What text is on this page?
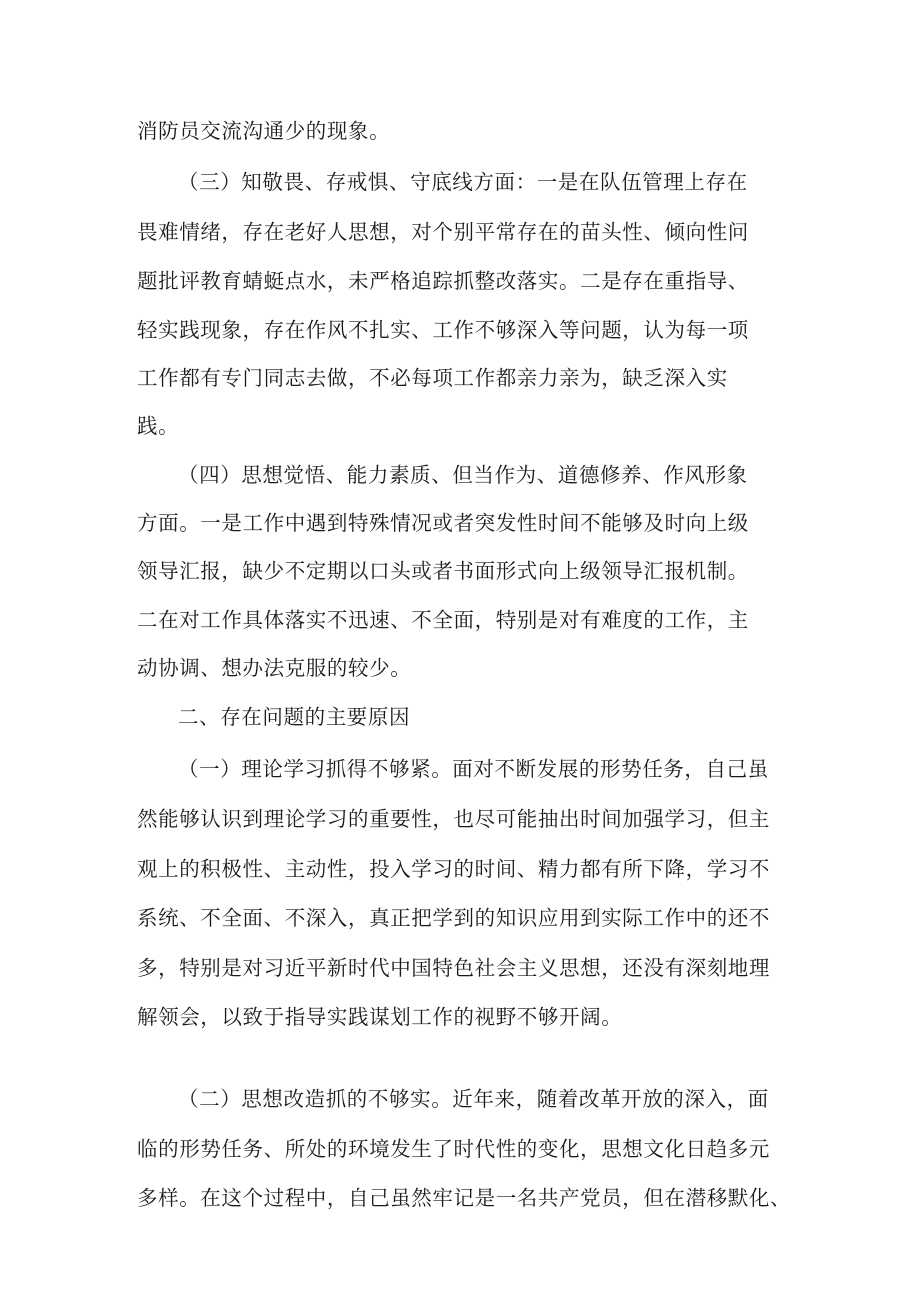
消防员交流沟通少的现象。
（三）知敬畏、存戒惧、守底线方面：一是在队伍管理上存在
畏难情绪，存在老好人思想，对个别平常存在的苗头性、倾向性问
题批评教育蜻蜓点水，未严格追踪抓整改落实。二是存在重指导、
轻实践现象，存在作风不扎实、工作不够深入等问题，认为每一项
工作都有专门同志去做，不必每项工作都亲力亲为，缺乏深入实
践。
（四）思想觉悟、能力素质、但当作为、道德修养、作风形象
方面。一是工作中遇到特殊情况或者突发性时间不能够及时向上级
领导汇报，缺少不定期以口头或者书面形式向上级领导汇报机制。
二在对工作具体落实不迅速、不全面，特别是对有难度的工作，主
动协调、想办法克服的较少。
二、存在问题的主要原因
（一）理论学习抓得不够紧。面对不断发展的形势任务，自己虽
然能够认识到理论学习的重要性，也尽可能抽出时间加强学习，但主
观上的积极性、主动性，投入学习的时间、精力都有所下降，学习不
系统、不全面、不深入，真正把学到的知识应用到实际工作中的还不
多，特别是对习近平新时代中国特色社会主义思想，还没有深刻地理
解领会，以致于指导实践谋划工作的视野不够开阔。
（二）思想改造抓的不够实。近年来，随着改革开放的深入，面
临的形势任务、所处的环境发生了时代性的变化，思想文化日趋多元
多样。在这个过程中，自己虽然牢记是一名共产党员，但在潜移默化、
